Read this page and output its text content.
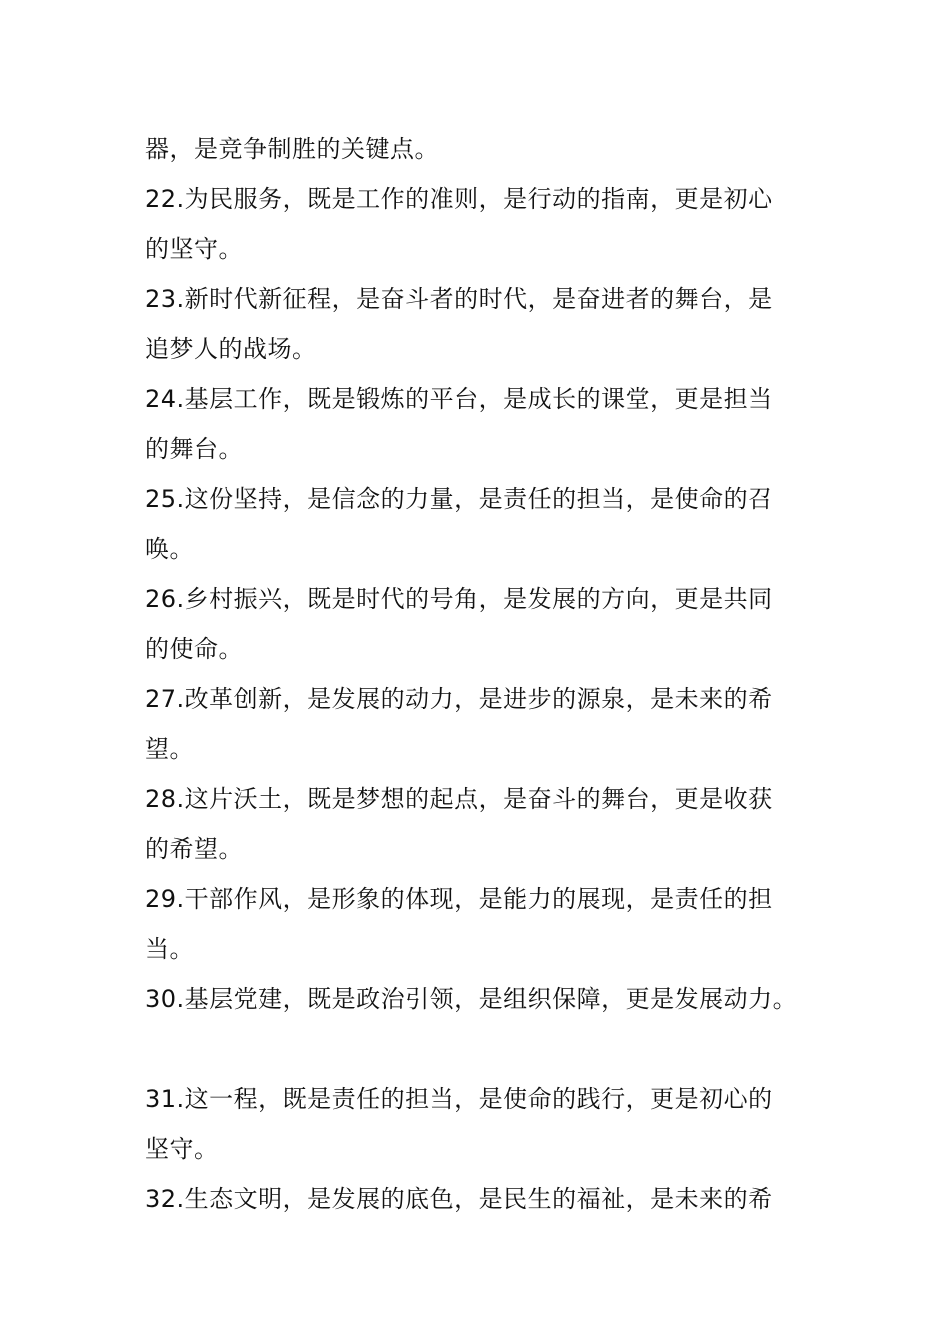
器，是竞争制胜的关键点。
22.为民服务，既是工作的准则，是行动的指南，更是初心
的坚守。
23.新时代新征程，是奋斗者的时代，是奋进者的舞台，是
追梦人的战场。
24.基层工作，既是锻炼的平台，是成长的课堂，更是担当
的舞台。
25.这份坚持，是信念的力量，是责任的担当，是使命的召
唤。
26.乡村振兴，既是时代的号角，是发展的方向，更是共同
的使命。
27.改革创新，是发展的动力，是进步的源泉，是未来的希
望。
28.这片沃土，既是梦想的起点，是奋斗的舞台，更是收获
的希望。
29.干部作风，是形象的体现，是能力的展现，是责任的担
当。
30.基层党建，既是政治引领，是组织保障，更是发展动力。
31.这一程，既是责任的担当，是使命的践行，更是初心的
坚守。
32.生态文明，是发展的底色，是民生的福祉，是未来的希
